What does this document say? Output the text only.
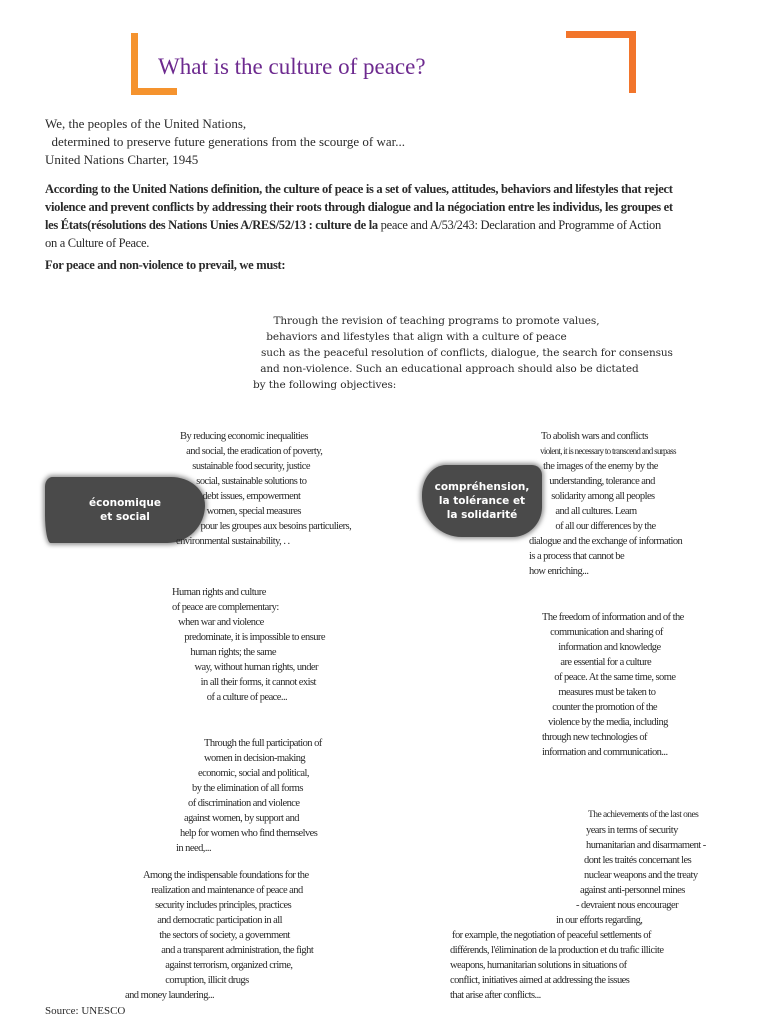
What is the culture of peace?
We, the peoples of the United Nations,
determined to preserve future generations from the scourge of war...
United Nations Charter, 1945
According to the United Nations definition, the culture of peace is a set of values, attitudes, behaviors and lifestyles that reject violence and prevent conflicts by addressing their roots through dialogue and la négociation entre les individus, les groupes et les États(résolutions des Nations Unies A/RES/52/13 : culture de la peace and A/53/243: Declaration and Programme of Action on a Culture of Peace.
For peace and non-violence to prevail, we must:
Through the revision of teaching programs to promote values,
behaviors and lifestyles that align with a culture of peace
such as the peaceful resolution of conflicts, dialogue, the search for consensus
and non-violence. Such an educational approach should also be dictated
by the following objectives:
économique
et social
compréhension,
la tolérance et
la solidarité
By reducing economic inequalities
and social, the eradication of poverty,
sustainable food security, justice
social, sustainable solutions to
debt issues, empowerment
women, special measures
pour les groupes aux besoins particuliers,
environmental sustainability, . .
To abolish wars and conflicts
violent, it is necessary to transcend and surpass
the images of the enemy by the
understanding, tolerance and
solidarity among all peoples
and all cultures. Learn
of all our differences by the
dialogue and the exchange of information
is a process that cannot be
how enriching...
Human rights and culture
of peace are complementary:
when war and violence
predominate, it is impossible to ensure
human rights; the same
way, without human rights, under
in all their forms, it cannot exist
of a culture of peace...
The freedom of information and of the
communication and sharing of
information and knowledge
are essential for a culture
of peace. At the same time, some
measures must be taken to
counter the promotion of the
violence by the media, including
through new technologies of
information and communication...
Through the full participation of
women in decision-making
economic, social and political,
by the elimination of all forms
of discrimination and violence
against women, by support and
help for women who find themselves
in need,...
The achievements of the last ones
years in terms of security
humanitarian and disarmament -
dont les traités concernant les
nuclear weapons and the treaty
against anti-personnel mines
- devraient nous encourager
in our efforts regarding,
for example, the negotiation of peaceful settlements of
différends, l'élimination de la production et du trafic illicite
weapons, humanitarian solutions in situations of
conflict, initiatives aimed at addressing the issues
that arise after conflicts...
Among the indispensable foundations for the
realization and maintenance of peace and
security includes principles, practices
and democratic participation in all
the sectors of society, a government
and a transparent administration, the fight
against terrorism, organized crime,
corruption, illicit drugs
and money laundering...
Source: UNESCO
